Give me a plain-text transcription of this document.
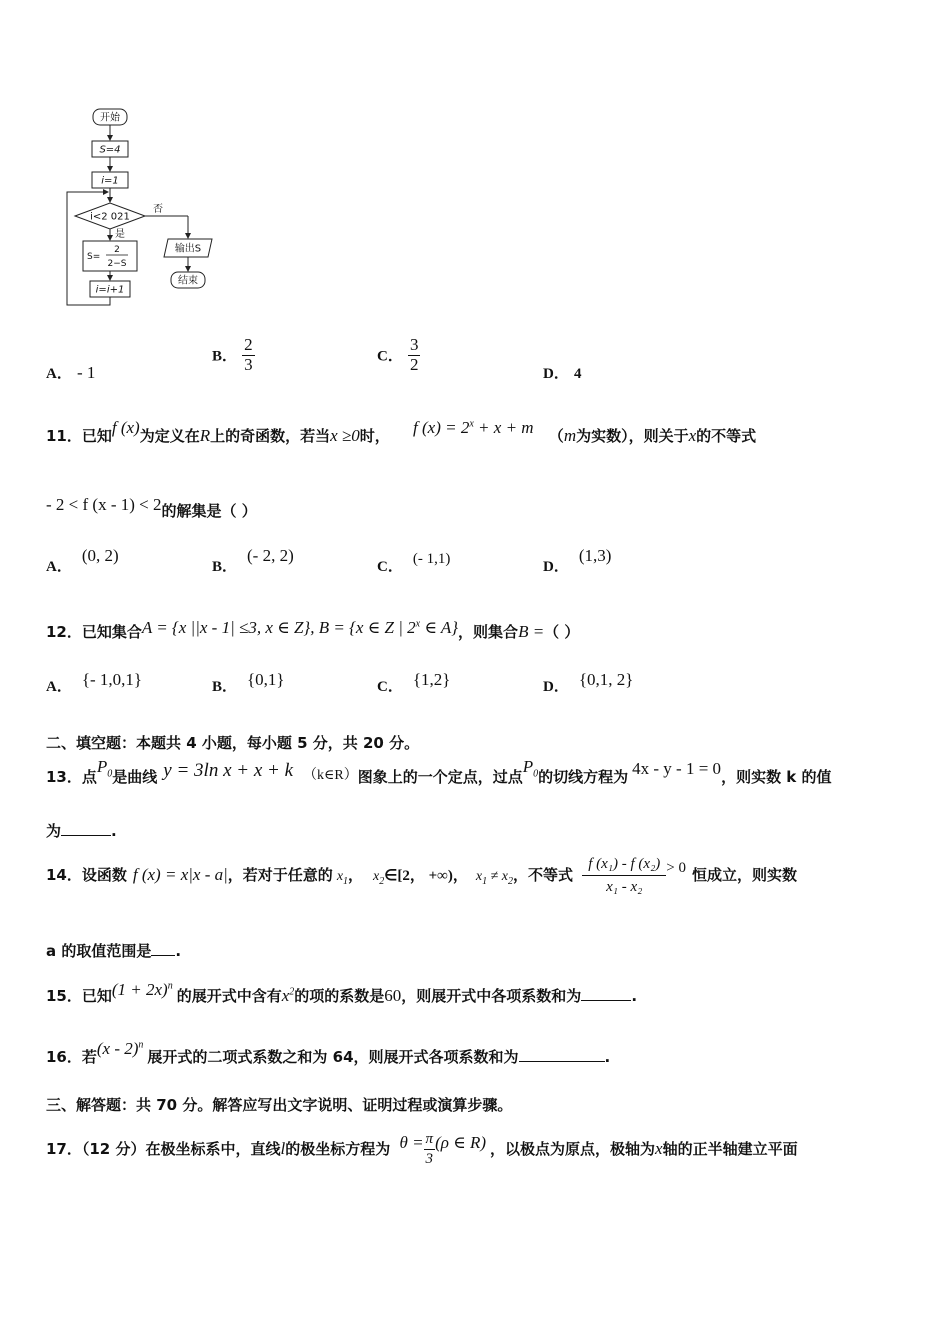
开始
S=4
i=1
i<2 021
否
是
S=
2
2−S
i=i+1
输出S
结束
A． - 1
B． $\frac{2}{3}$	C． $\frac{3}{2}$	D． 4
11．已知f (x)为定义在R上的奇函数，若当x ≥0时， f $(x) = 2^x + x + m$ （m为实数），则关于x的不等式
- 2 < f (x - 1) < 2的解集是（ ）
A．(0, 2)
B．(- 2, 2)
C． (- 1,1)	D．(1,3)
12．已知集合A = {x ||x - 1| ≤3, x ∈ Z}, B = {x ∈ Z | 2$^x$ ∈ A}，则集合B =（ ）
A． {- 1,0,1}	B． {0,1}	C． {1,2}	D． {0,1, 2}
二、填空题：本题共 4 小题，每小题 5 分，共 20 分。
13．点$P_0$是曲线 y = 3ln x + x + k （k∈R）图象上的一个定点，过点$P_0$的切线方程为 4x - y - 1 = 0，则实数 k 的值
为	.
14．设函数 f (x) = x|x - a|，若对于任意的 $x_1$， $x_2\in[2$， +∞)， $x_1 \ne x_2$，不等式 $\frac{\text{f (x₁) - f (x₂)}}{\text{x₁ - x₂}} > 0$ 恒成立，则实数
a 的取值范围是 .
15．已知$(1 + 2x)^n$的展开式中含有$x^2$的项的系数是60，则展开式中各项系数和为	.
16．若(x - 2)$^n$展开式的二项式系数之和为 64，则展开式各项系数和为	.
三、解答题：共 70 分。解答应写出文字说明、证明过程或演算步骤。
17．（12 分）在极坐标系中，直线l的极坐标方程为 $\theta = \frac{\pi}{3} (\rho$ ∈ R) ，以极点为原点，极轴为x轴的正半轴建立平面
